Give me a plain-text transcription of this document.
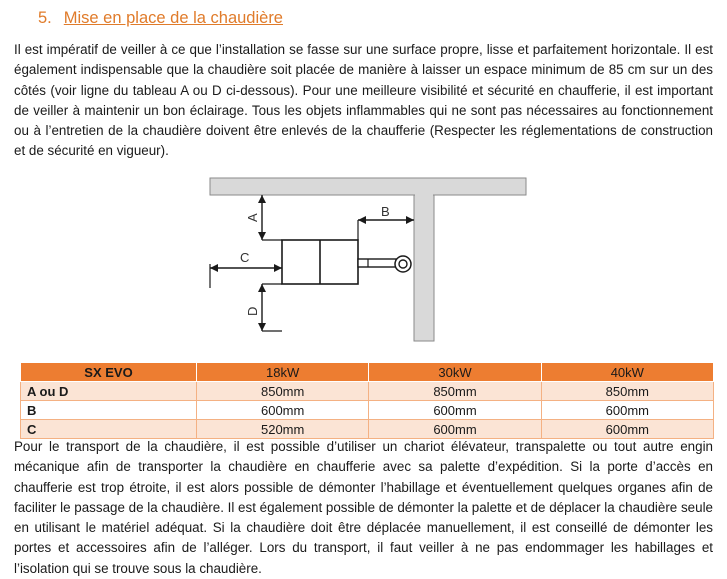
5. Mise en place de la chaudière

Il est impératif de veiller à ce que l’installation se fasse sur une surface propre, lisse et parfaitement horizontale. Il est également indispensable que la chaudière soit placée de manière à laisser un espace minimum de 85 cm sur un des côtés (voir ligne du tableau A ou D ci-dessous). Pour une meilleure visibilité et sécurité en chaufferie, il est important de veiller à maintenir un bon éclairage. Tous les objets inflammables qui ne sont pas nécessaires au fonctionnement ou à l’entretien de la chaudière doivent être enlevés de la chaufferie (Respecter les réglementations de construction et de sécurité en vigueur).

A	B
C
D
SX EVO	18kW	30kW	40kW
A ou D	850mm	850mm	850mm
B	600mm	600mm	600mm
C	520mm	600mm	600mm

Pour le transport de la chaudière, il est possible d’utiliser un chariot élévateur, transpalette ou tout autre engin mécanique afin de transporter la chaudière en chaufferie avec sa palette d’expédition. Si la porte d’accès en chaufferie est trop étroite, il est alors possible de démonter l’habillage et éventuellement quelques organes afin de faciliter le passage de la chaudière. Il est également possible de démonter la palette et de déplacer la chaudière seule en utilisant le matériel adéquat. Si la chaudière doit être déplacée manuellement, il est conseillé de démonter les portes et accessoires afin de l’alléger. Lors du transport, il faut veiller à ne pas endommager les habillages et l’isolation qui se trouve sous la chaudière.
